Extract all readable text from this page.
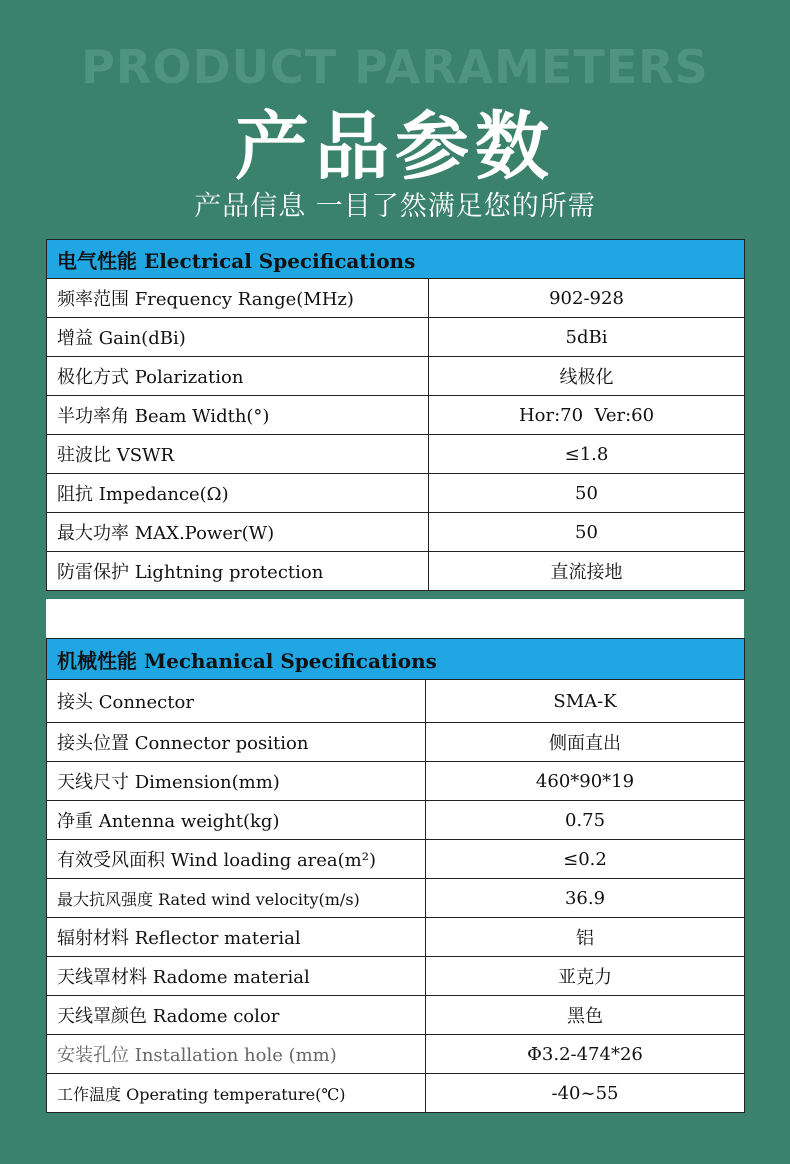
PRODUCT PARAMETERS
产品参数
产品信息 一目了然满足您的所需
电气性能 Electrical Specifications	
频率范围 Frequency Range(MHz)	902-928
增益 Gain(dBi)	5dBi
极化方式 Polarization	线极化
半功率角 Beam Width(°)	Hor:70  Ver:60
驻波比 VSWR	≤1.8
阻抗 Impedance(Ω)	50
最大功率 MAX.Power(W)	50
防雷保护 Lightning protection	直流接地
机械性能 Mechanical Specifications	
接头 Connector	SMA-K
接头位置 Connector position	侧面直出
天线尺寸 Dimension(mm)	460*90*19
净重 Antenna weight(kg)	0.75
有效受风面积 Wind loading area(m²)	≤0.2
最大抗风强度 Rated wind velocity(m/s)	36.9
辐射材料 Reflector material	铝
天线罩材料 Radome material	亚克力
天线罩颜色 Radome color	黑色
安装孔位 Installation hole (mm)	Φ3.2-474*26
工作温度 Operating temperature(℃)	-40~55
